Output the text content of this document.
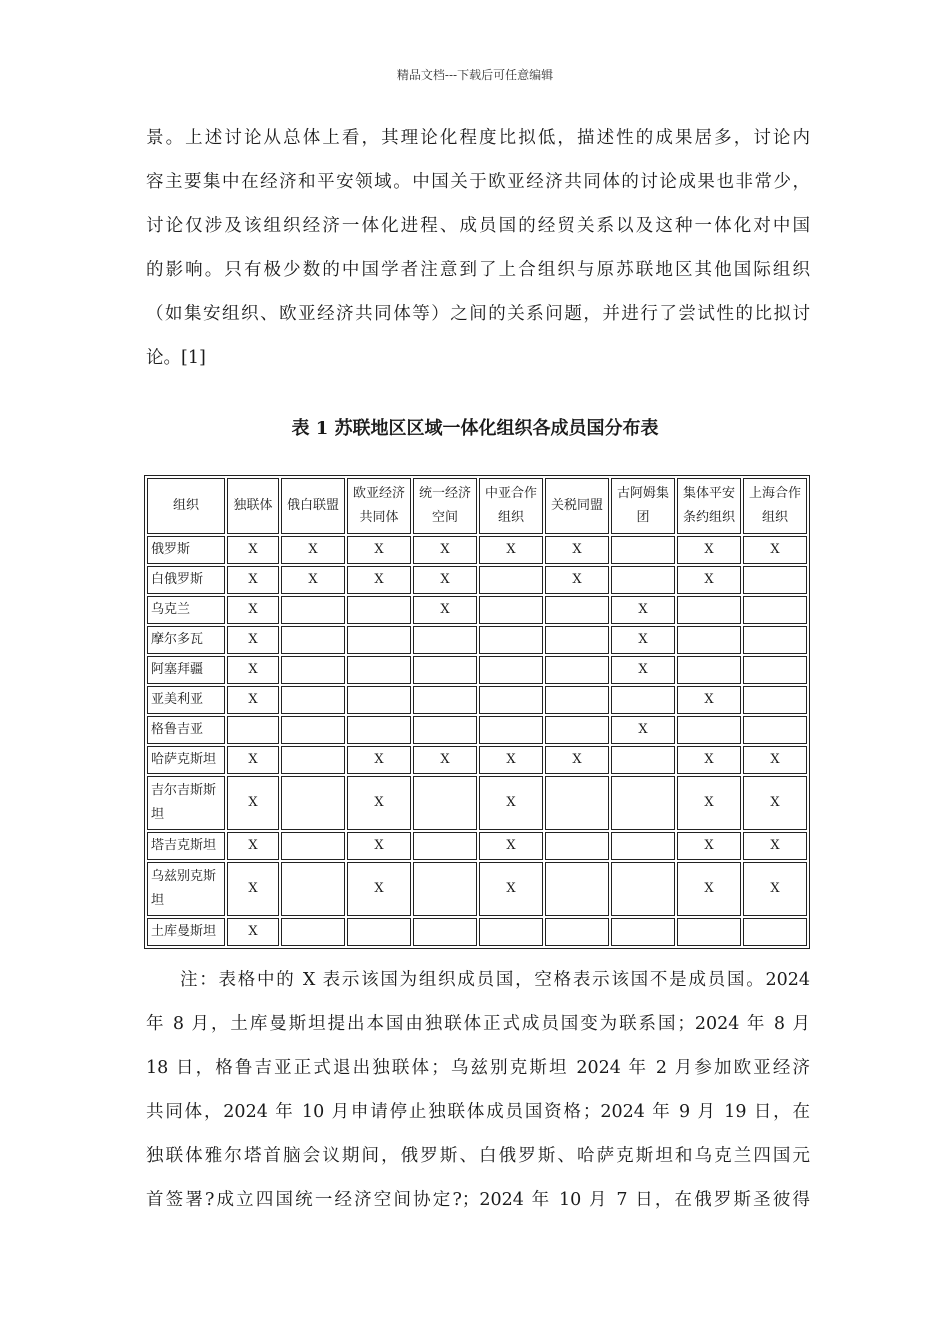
精品文档---下载后可任意编辑
景。上述讨论从总体上看，其理论化程度比拟低，描述性的成果居多，讨论内
容主要集中在经济和平安领域。中国关于欧亚经济共同体的讨论成果也非常少，
讨论仅涉及该组织经济一体化进程、成员国的经贸关系以及这种一体化对中国
的影响。只有极少数的中国学者注意到了上合组织与原苏联地区其他国际组织
（如集安组织、欧亚经济共同体等）之间的关系问题，并进行了尝试性的比拟讨
论。[1]
表 1 苏联地区区域一体化组织各成员国分布表
组织	独联体	俄白联盟	欧亚经济共同体	统一经济空间	中亚合作组织	关税同盟	古阿姆集团	集体平安条约组织	上海合作组织
俄罗斯	X	X	X	X	X	X		X	X
白俄罗斯	X	X	X	X		X		X	
乌克兰	X			X			X		
摩尔多瓦	X						X		
阿塞拜疆	X						X		
亚美利亚	X							X	
格鲁吉亚							X		
哈萨克斯坦	X		X	X	X	X		X	X
吉尔吉斯斯坦	X		X		X			X	X
塔吉克斯坦	X		X		X			X	X
乌兹别克斯坦	X		X		X			X	X
土库曼斯坦	X								
注：表格中的 X 表示该国为组织成员国，空格表示该国不是成员国。2024
年 8 月，土库曼斯坦提出本国由独联体正式成员国变为联系国；2024 年 8 月
18 日，格鲁吉亚正式退出独联体；乌兹别克斯坦 2024 年 2 月参加欧亚经济
共同体，2024 年 10 月申请停止独联体成员国资格；2024 年 9 月 19 日，在
独联体雅尔塔首脑会议期间，俄罗斯、白俄罗斯、哈萨克斯坦和乌克兰四国元
首签署?成立四国统一经济空间协定?；2024 年 10 月 7 日，在俄罗斯圣彼得
